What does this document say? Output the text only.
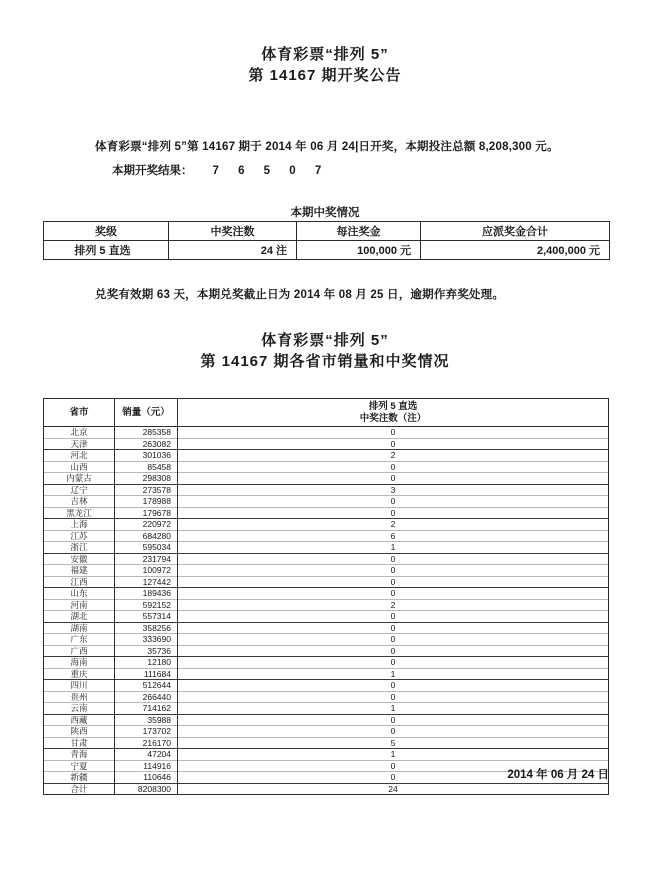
体育彩票“排列 5”
第 14167 期开奖公告

体育彩票“排列 5”第 14167 期于 2014 年 06 月 24|日开奖，本期投注总额 8,208,300 元。

本期开奖结果： 7 6 5 0 7

本期中奖情况
奖级	中奖注数	每注奖金	应派奖金合计
排列 5 直选	24 注	100,000 元	2,400,000 元

兑奖有效期 63 天，本期兑奖截止日为 2014 年 08 月 25 日，逾期作弃奖处理。

体育彩票“排列 5”
第 14167 期各省市销量和中奖情况
省市	销量（元）	排列 5 直选
中奖注数（注）

北京	285358	0
天津	263082	0
河北	301036	2
山西	85458	0
内蒙古	298308	0
辽宁	273578	3
吉林	178988	0
黑龙江	179678	0
上海	220972	2
江苏	684280	6
浙江	595034	1
安徽	231794	0
福建	100972	0
江西	127442	0
山东	189436	0
河南	592152	2
湖北	557314	0
湖南	358256	0
广东	333690	0
广西	35736	0
海南	12180	0
重庆	111684	1
四川	512644	0
贵州	266440	0
云南	714162	1
西藏	35988	0
陕西	173702	0
甘肃	216170	5
青海	47204	1
宁夏	114916	0
新疆	110646	0
合计	8208300	24
2014 年 06 月 24 日
